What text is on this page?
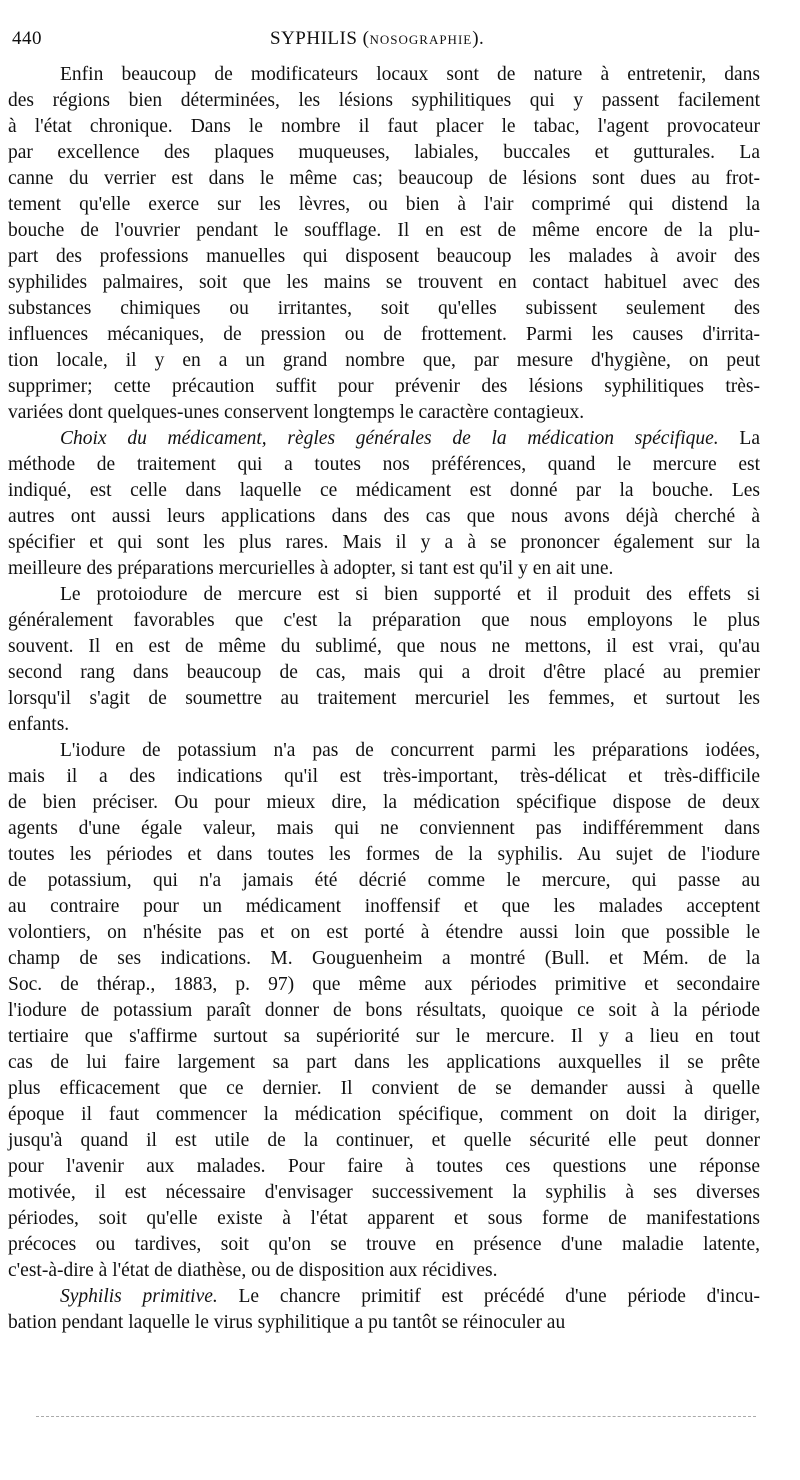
440	SYPHILIS (NOSOGRAPHIE).
Enfin beaucoup de modificateurs locaux sont de nature à entretenir, dans
des régions bien déterminées, les lésions syphilitiques qui y passent facilement
à l'état chronique. Dans le nombre il faut placer le tabac, l'agent provocateur
par excellence des plaques muqueuses, labiales, buccales et gutturales. La
canne du verrier est dans le même cas; beaucoup de lésions sont dues au frot-
tement qu'elle exerce sur les lèvres, ou bien à l'air comprimé qui distend la
bouche de l'ouvrier pendant le soufflage. Il en est de même encore de la plu-
part des professions manuelles qui disposent beaucoup les malades à avoir des
syphilides palmaires, soit que les mains se trouvent en contact habituel avec des
substances chimiques ou irritantes, soit qu'elles subissent seulement des
influences mécaniques, de pression ou de frottement. Parmi les causes d'irrita-
tion locale, il y en a un grand nombre que, par mesure d'hygiène, on peut
supprimer; cette précaution suffit pour prévenir des lésions syphilitiques très-
variées dont quelques-unes conservent longtemps le caractère contagieux.
Choix du médicament, règles générales de la médication spécifique. La
méthode de traitement qui a toutes nos préférences, quand le mercure est
indiqué, est celle dans laquelle ce médicament est donné par la bouche. Les
autres ont aussi leurs applications dans des cas que nous avons déjà cherché à
spécifier et qui sont les plus rares. Mais il y a à se prononcer également sur la
meilleure des préparations mercurielles à adopter, si tant est qu'il y en ait une.
Le protoiodure de mercure est si bien supporté et il produit des effets si
généralement favorables que c'est la préparation que nous employons le plus
souvent. Il en est de même du sublimé, que nous ne mettons, il est vrai, qu'au
second rang dans beaucoup de cas, mais qui a droit d'être placé au premier
lorsqu'il s'agit de soumettre au traitement mercuriel les femmes, et surtout les
enfants.
L'iodure de potassium n'a pas de concurrent parmi les préparations iodées,
mais il a des indications qu'il est très-important, très-délicat et très-difficile
de bien préciser. Ou pour mieux dire, la médication spécifique dispose de deux
agents d'une égale valeur, mais qui ne conviennent pas indifféremment dans
toutes les périodes et dans toutes les formes de la syphilis. Au sujet de l'iodure
de potassium, qui n'a jamais été décrié comme le mercure, qui passe au
au contraire pour un médicament inoffensif et que les malades acceptent
volontiers, on n'hésite pas et on est porté à étendre aussi loin que possible le
champ de ses indications. M. Gouguenheim a montré (Bull. et Mém. de la
Soc. de thérap., 1883, p. 97) que même aux périodes primitive et secondaire
l'iodure de potassium paraît donner de bons résultats, quoique ce soit à la période
tertiaire que s'affirme surtout sa supériorité sur le mercure. Il y a lieu en tout
cas de lui faire largement sa part dans les applications auxquelles il se prête
plus efficacement que ce dernier. Il convient de se demander aussi à quelle
époque il faut commencer la médication spécifique, comment on doit la diriger,
jusqu'à quand il est utile de la continuer, et quelle sécurité elle peut donner
pour l'avenir aux malades. Pour faire à toutes ces questions une réponse
motivée, il est nécessaire d'envisager successivement la syphilis à ses diverses
périodes, soit qu'elle existe à l'état apparent et sous forme de manifestations
précoces ou tardives, soit qu'on se trouve en présence d'une maladie latente,
c'est-à-dire à l'état de diathèse, ou de disposition aux récidives.
Syphilis primitive. Le chancre primitif est précédé d'une période d'incu-
bation pendant laquelle le virus syphilitique a pu tantôt se réinoculer au
